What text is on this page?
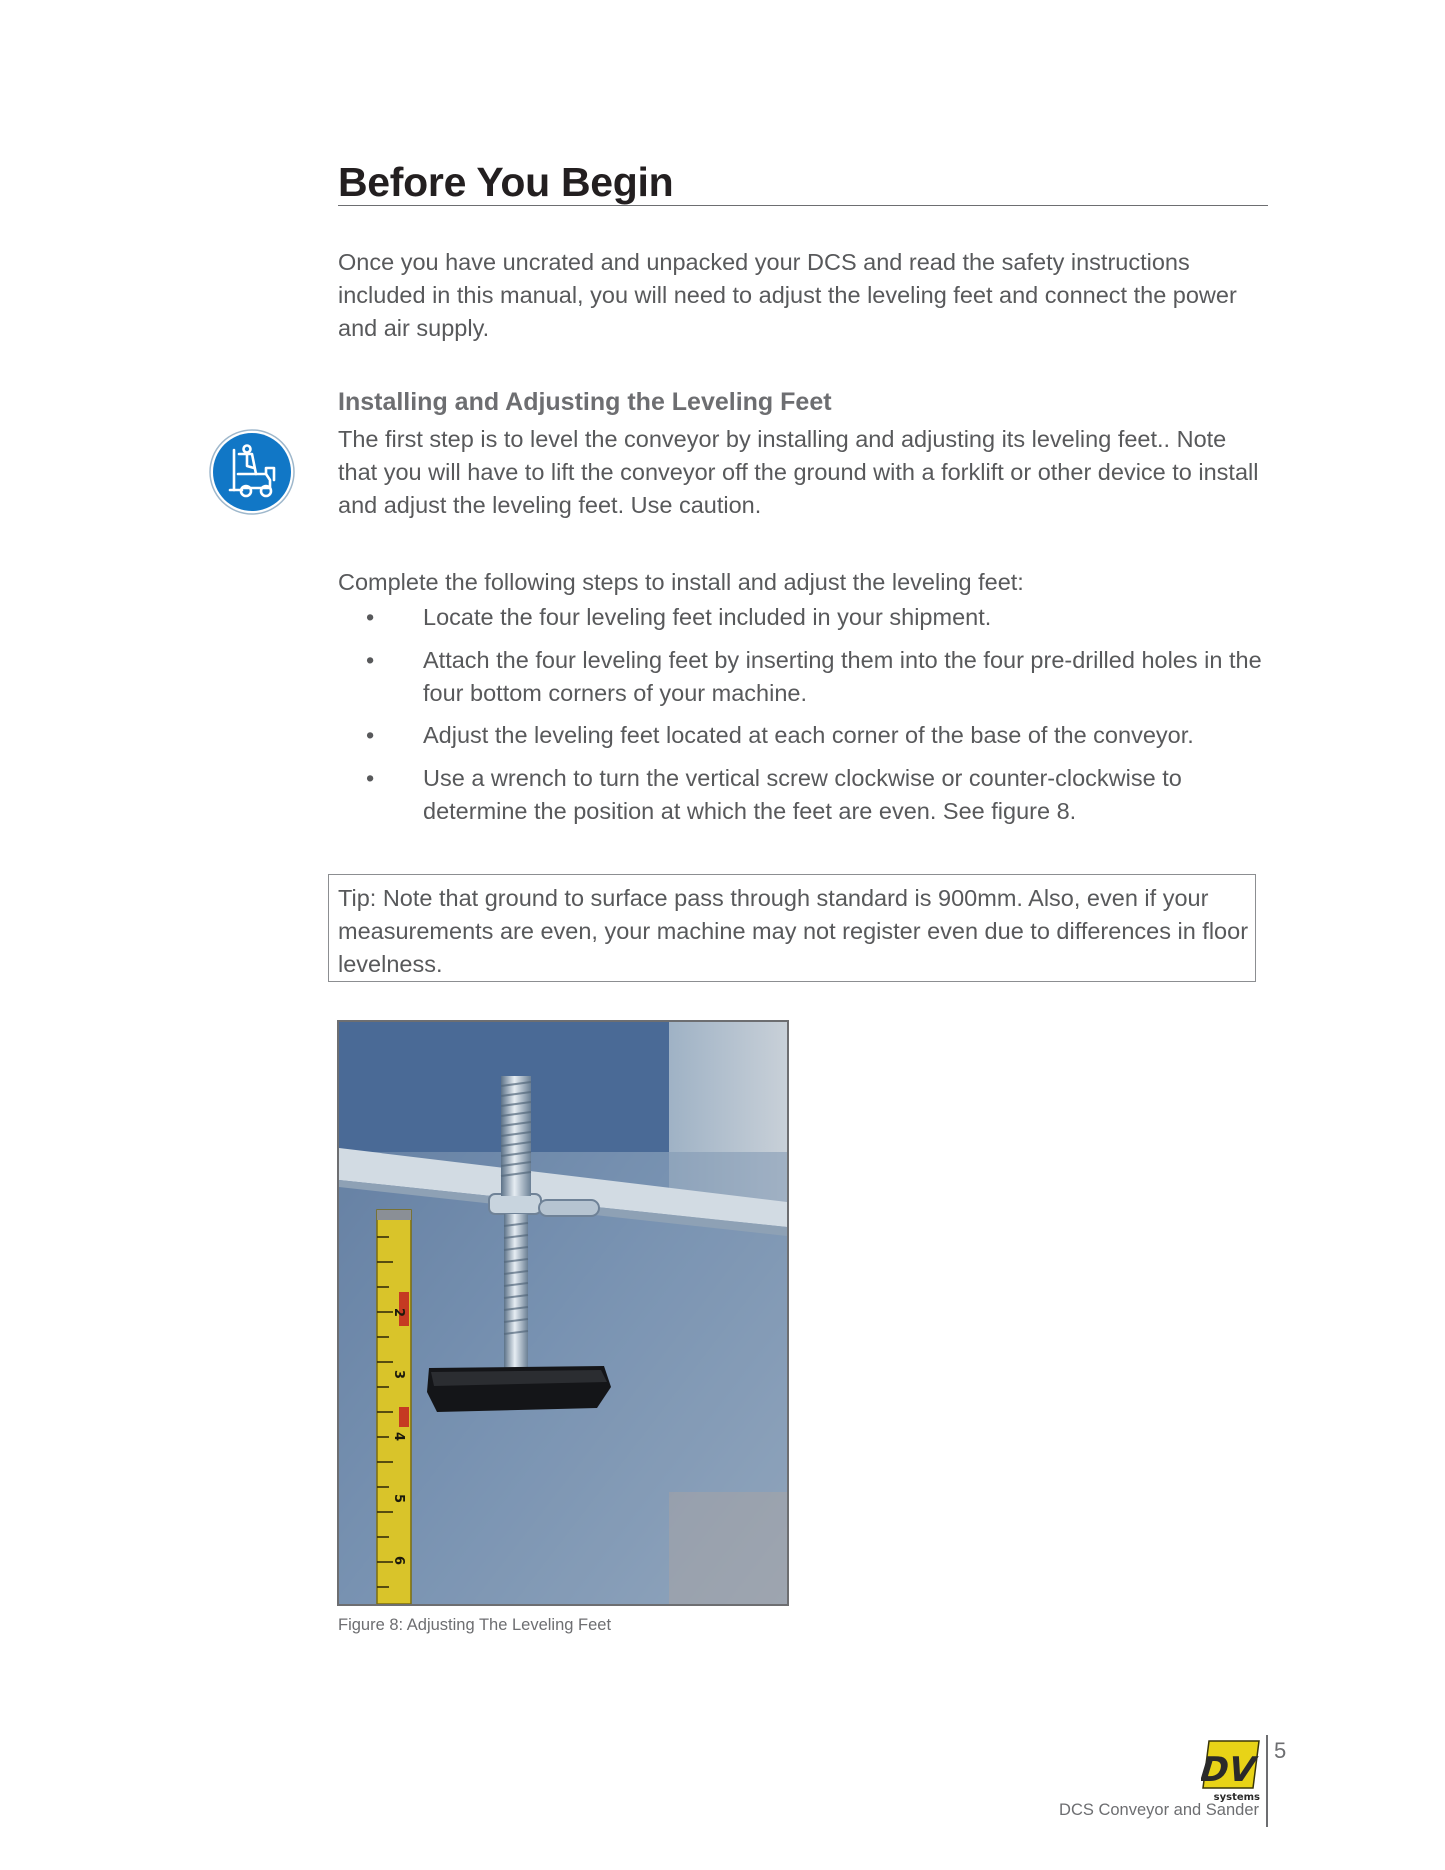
Before You Begin

Once you have uncrated and unpacked your DCS and read the safety instructions included in this manual, you will need to adjust the leveling feet and connect the power and air supply.

Installing and Adjusting the Leveling Feet

The first step is to level the conveyor by installing and adjusting its leveling feet.. Note that you will have to lift the conveyor off the ground with a forklift or other device to install and adjust the leveling feet. Use caution.

Complete the following steps to install and adjust the leveling feet:

• Locate the four leveling feet included in your shipment.
• Attach the four leveling feet by inserting them into the four pre-drilled holes in the four bottom corners of your machine.
• Adjust the leveling feet located at each corner of the base of the conveyor.
• Use a wrench to turn the vertical screw clockwise or counter-clockwise to determine the position at which the feet are even. See figure 8.
Tip: Note that ground to surface pass through standard is 900mm. Also, even if your measurements are even, your machine may not register even due to differences in floor levelness.
2
3
4
5
6

Figure 8: Adjusting The Leveling Feet

DV
systems
5
DCS Conveyor and Sander
